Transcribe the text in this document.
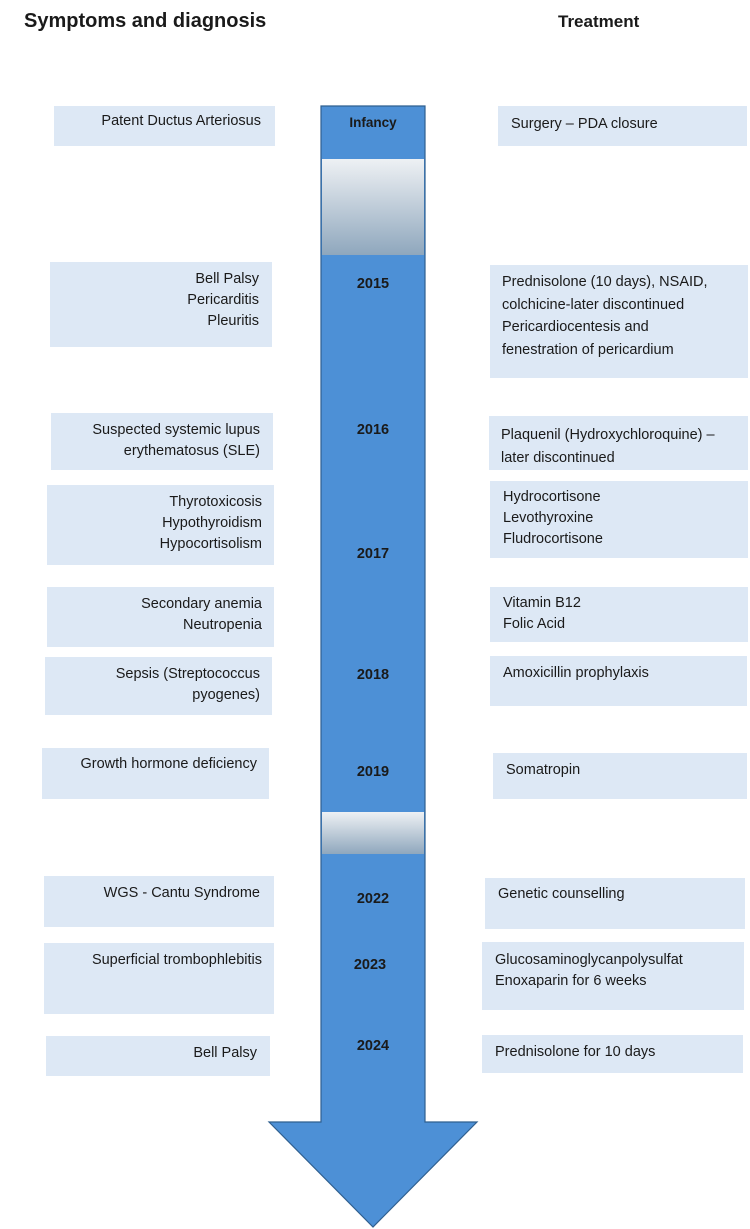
Symptoms and diagnosis	Treatment
Infancy
2015
2016
2017
2018
2019
2022
2023
2024
Patent Ductus Arteriosus
Bell Palsy
Pericarditis
Pleuritis
Suspected systemic lupus
erythematosus (SLE)
Thyrotoxicosis
Hypothyroidism
Hypocortisolism
Secondary anemia
Neutropenia
Sepsis (Streptococcus
pyogenes)
Growth hormone deficiency
WGS - Cantu Syndrome
Superficial trombophlebitis
Bell Palsy
Surgery – PDA closure
Prednisolone (10 days), NSAID,
colchicine-later discontinued
Pericardiocentesis and
fenestration of pericardium
Plaquenil (Hydroxychloroquine) –
later discontinued
Hydrocortisone
Levothyroxine
Fludrocortisone
Vitamin B12
Folic Acid
Amoxicillin prophylaxis
Somatropin
Genetic counselling
Glucosaminoglycanpolysulfat
Enoxaparin for 6 weeks
Prednisolone for 10 days
